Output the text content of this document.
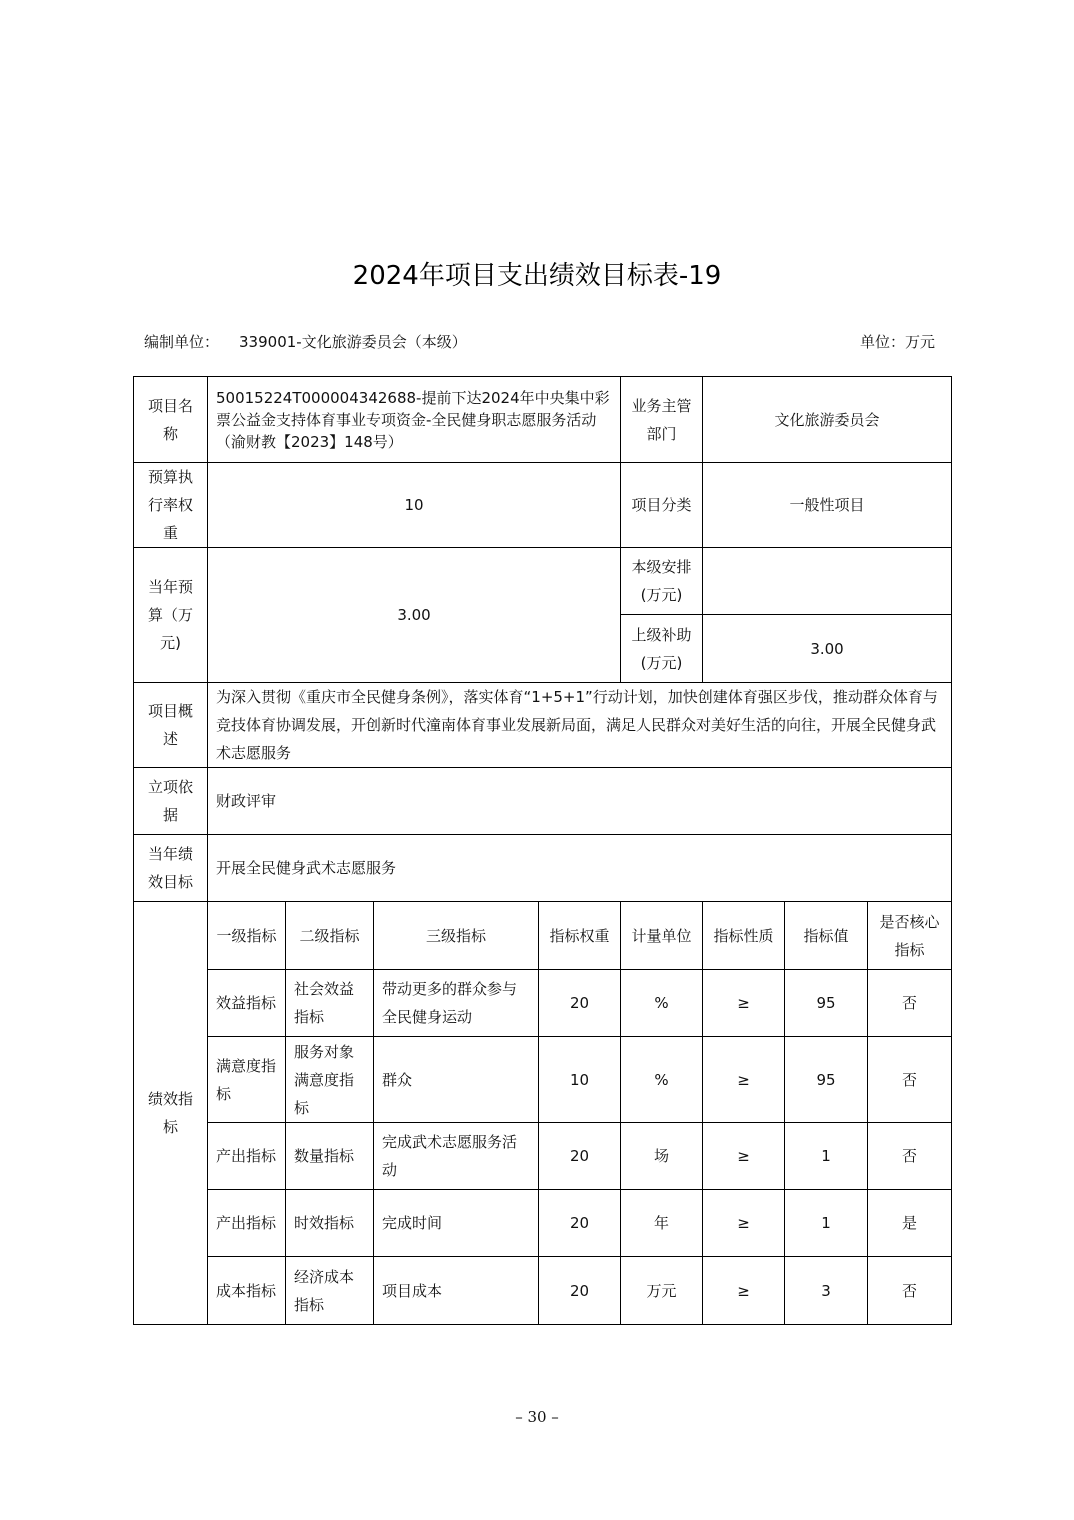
2024年项目支出绩效目标表-19
编制单位： 339001-文化旅游委员会（本级）	单位：万元
项目名称	50015224T000004342688-提前下达2024年中央集中彩票公益金支持体育事业专项资金-全民健身职志愿服务活动（渝财教【2023】148号）				业务主管部门	文化旅游委员会		
预算执行率权重	10				项目分类	一般性项目		
当年预算（万元)	3.00				本级安排(万元)			
					上级补助(万元)	3.00		
项目概述	为深入贯彻《重庆市全民健身条例》，落实体育“1+5+1”行动计划，加快创建体育强区步伐，推动群众体育与竞技体育协调发展，开创新时代潼南体育事业发展新局面，满足人民群众对美好生活的向往，开展全民健身武术志愿服务							
立项依据	财政评审							
当年绩效目标	开展全民健身武术志愿服务							
绩效指标	一级指标	二级指标	三级指标	指标权重	计量单位	指标性质	指标值	是否核心指标
	效益指标	社会效益指标	带动更多的群众参与全民健身运动	20	%	≥	95	否
	满意度指标	服务对象满意度指标	群众	10	%	≥	95	否
	产出指标	数量指标	完成武术志愿服务活动	20	场	≥	1	否
	产出指标	时效指标	完成时间	20	年	≥	1	是
	成本指标	经济成本指标	项目成本	20	万元	≥	3	否
– 30 –
